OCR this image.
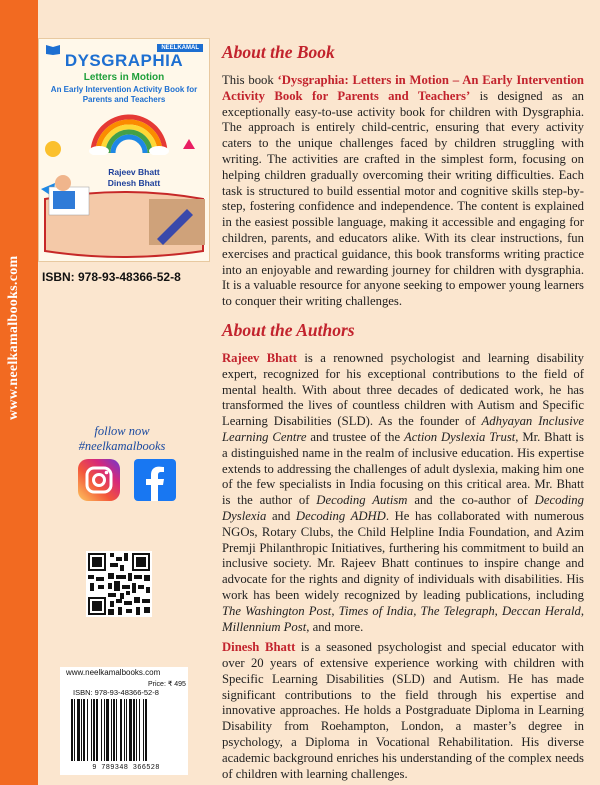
www.neelkamalbooks.com
NEELKAMAL
DYSGRAPHIA
Letters in Motion
An Early Intervention Activity Book for Parents and Teachers
Rajeev Bhatt
Dinesh Bhatt
ISBN: 978-93-48366-52-8
follow now
#neelkamalbooks
www.neelkamalbooks.com
Price: ₹ 495
ISBN: 978-93-48366-52-8
9 789348 366528
About the Book

This book ‘Dysgraphia: Letters in Motion – An Early Intervention Activity Book for Parents and Teachers’ is designed as an exceptionally easy-to-use activity book for children with Dysgraphia. The approach is entirely child-centric, ensuring that every activity caters to the unique challenges faced by children struggling with writing. The activities are crafted in the simplest form, focusing on helping children gradually overcoming their writing difficulties. Each task is structured to build essential motor and cognitive skills step-by-step, fostering confidence and independence. The content is explained in the easiest possible language, making it accessible and engaging for children, parents, and educators alike. With its clear instructions, fun exercises and practical guidance, this book transforms writing practice into an enjoyable and rewarding journey for children with dysgraphia. It is a valuable resource for anyone seeking to empower young learners to conquer their writing challenges.

About the Authors

Rajeev Bhatt is a renowned psychologist and learning disability expert, recognized for his exceptional contributions to the field of mental health. With about three decades of dedicated work, he has transformed the lives of countless children with Autism and Specific Learning Disabilities (SLD). As the founder of Adhyayan Inclusive Learning Centre and trustee of the Action Dyslexia Trust, Mr. Bhatt is a distinguished name in the realm of inclusive education. His expertise extends to addressing the challenges of adult dyslexia, making him one of the few specialists in India focusing on this critical area. Mr. Bhatt is the author of Decoding Autism and the co-author of Decoding Dyslexia and Decoding ADHD. He has collaborated with numerous NGOs, Rotary Clubs, the Child Helpline India Foundation, and Azim Premji Philanthropic Initiatives, furthering his commitment to build an inclusive society. Mr. Rajeev Bhatt continues to inspire change and advocate for the rights and dignity of individuals with disabilities. His work has been widely recognized by leading publications, including The Washington Post, Times of India, The Telegraph, Deccan Herald, Millennium Post, and more.

Dinesh Bhatt is a seasoned psychologist and special educator with over 20 years of extensive experience working with children with Specific Learning Disabilities (SLD) and Autism. He has made significant contributions to the field through his expertise and innovative approaches. He holds a Postgraduate Diploma in Learning Disability from Roehampton, London, a master’s degree in psychology, a Diploma in Vocational Rehabilitation. His diverse academic background enriches his understanding of the complex needs of children with learning challenges.
